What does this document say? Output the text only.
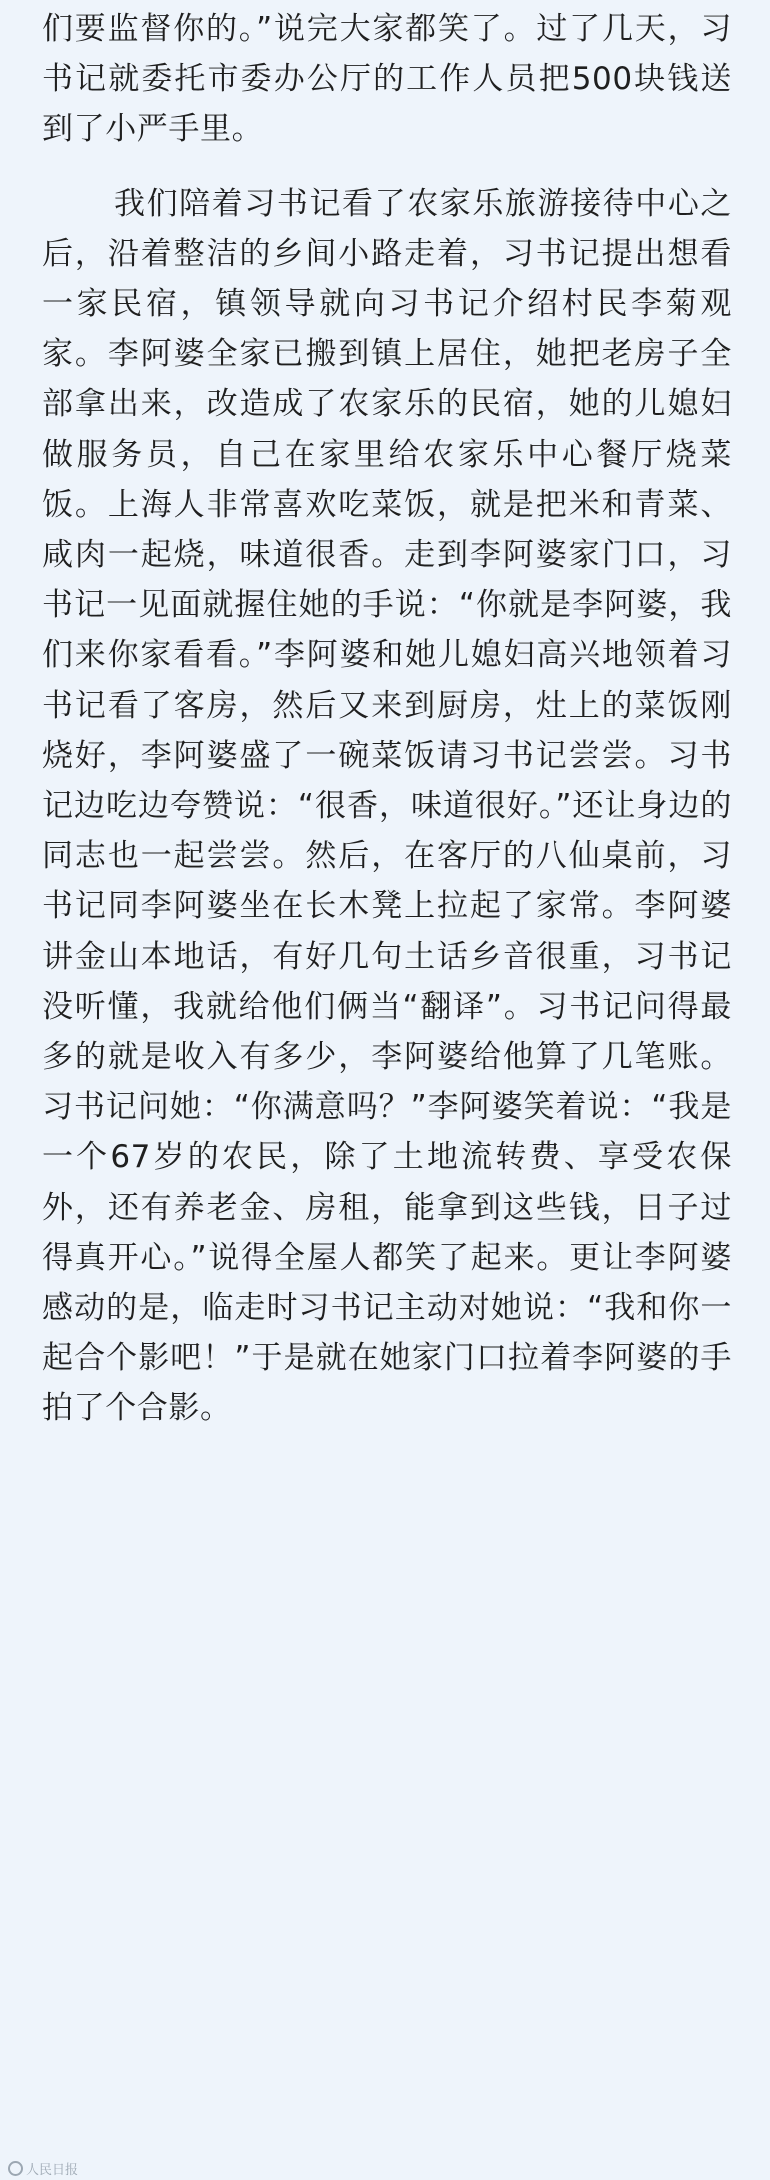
们要监督你的。”说完大家都笑了。过了几天，习书记就委托市委办公厅的工作人员把500块钱送到了小严手里。

我们陪着习书记看了农家乐旅游接待中心之后，沿着整洁的乡间小路走着，习书记提出想看一家民宿，镇领导就向习书记介绍村民李菊观家。李阿婆全家已搬到镇上居住，她把老房子全部拿出来，改造成了农家乐的民宿，她的儿媳妇做服务员，自己在家里给农家乐中心餐厅烧菜饭。上海人非常喜欢吃菜饭，就是把米和青菜、咸肉一起烧，味道很香。走到李阿婆家门口，习书记一见面就握住她的手说：“你就是李阿婆，我们来你家看看。”李阿婆和她儿媳妇高兴地领着习书记看了客房，然后又来到厨房，灶上的菜饭刚烧好，李阿婆盛了一碗菜饭请习书记尝尝。习书记边吃边夸赞说：“很香，味道很好。”还让身边的同志也一起尝尝。然后，在客厅的八仙桌前，习书记同李阿婆坐在长木凳上拉起了家常。李阿婆讲金山本地话，有好几句土话乡音很重，习书记没听懂，我就给他们俩当“翻译”。习书记问得最多的就是收入有多少，李阿婆给他算了几笔账。习书记问她：“你满意吗？”李阿婆笑着说：“我是一个67岁的农民，除了土地流转费、享受农保外，还有养老金、房租，能拿到这些钱，日子过得真开心。”说得全屋人都笑了起来。更让李阿婆感动的是，临走时习书记主动对她说：“我和你一起合个影吧！”于是就在她家门口拉着李阿婆的手拍了个合影。

人民日报
